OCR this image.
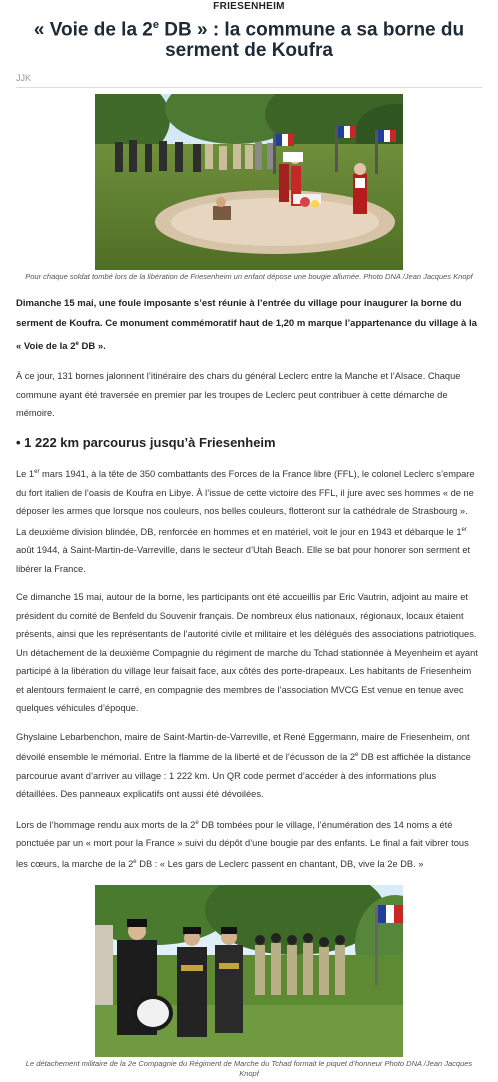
FRIESENHEIM
« Voie de la 2e DB » : la commune a sa borne du serment de Koufra
JJK
Pour chaque soldat tombé lors de la libération de Friesenheim un enfant dépose une bougie allumée. Photo DNA /Jean Jacques Knopf

Dimanche 15 mai, une foule imposante s’est réunie à l’entrée du village pour inaugurer la borne du serment de Koufra. Ce monument commémoratif haut de 1,20 m marque l’appartenance du village à la « Voie de la 2e DB ».

À ce jour, 131 bornes jalonnent l’itinéraire des chars du général Leclerc entre la Manche et l’Alsace. Chaque commune ayant été traversée en premier par les troupes de Leclerc peut contribuer à cette démarche de mémoire.

• 1 222 km parcourus jusqu’à Friesenheim

Le 1er mars 1941, à la tête de 350 combattants des Forces de la France libre (FFL), le colonel Leclerc s’empare du fort italien de l’oasis de Koufra en Libye. À l’issue de cette victoire des FFL, il jure avec ses hommes « de ne déposer les armes que lorsque nos couleurs, nos belles couleurs, flotteront sur la cathédrale de Strasbourg ». La deuxième division blindée, DB, renforcée en hommes et en matériel, voit le jour en 1943 et débarque le 1er août 1944, à Saint-Martin-de-Varreville, dans le secteur d’Utah Beach. Elle se bat pour honorer son serment et libérer la France.

Ce dimanche 15 mai, autour de la borne, les participants ont été accueillis par Eric Vautrin, adjoint au maire et président du comité de Benfeld du Souvenir français. De nombreux élus nationaux, régionaux, locaux étaient présents, ainsi que les représentants de l’autorité civile et militaire et les délégués des associations patriotiques. Un détachement de la deuxième Compagnie du régiment de marche du Tchad stationnée à Meyenheim et ayant participé à la libération du village leur faisait face, aux côtés des porte-drapeaux. Les habitants de Friesenheim et alentours fermaient le carré, en compagnie des membres de l’association MVCG Est venue en tenue avec quelques véhicules d’époque.

Ghyslaine Lebarbenchon, maire de Saint-Martin-de-Varreville, et René Eggermann, maire de Friesenheim, ont dévoilé ensemble le mémorial. Entre la flamme de la liberté et de l’écusson de la 2e DB est affichée la distance parcourue avant d’arriver au village : 1 222 km. Un QR code permet d’accéder à des informations plus détaillées. Des panneaux explicatifs ont aussi été dévoilées.

Lors de l’hommage rendu aux morts de la 2e DB tombées pour le village, l’énumération des 14 noms a été ponctuée par un « mort pour la France » suivi du dépôt d’une bougie par des enfants. Le final a fait vibrer tous les cœurs, la marche de la 2e DB : « Les gars de Leclerc passent en chantant, DB, vive la 2e DB. »

Le détachement militaire de la 2e Compagnie du Régiment de Marche du Tchad formait le piquet d’honneur Photo DNA /Jean Jacques Knopf
